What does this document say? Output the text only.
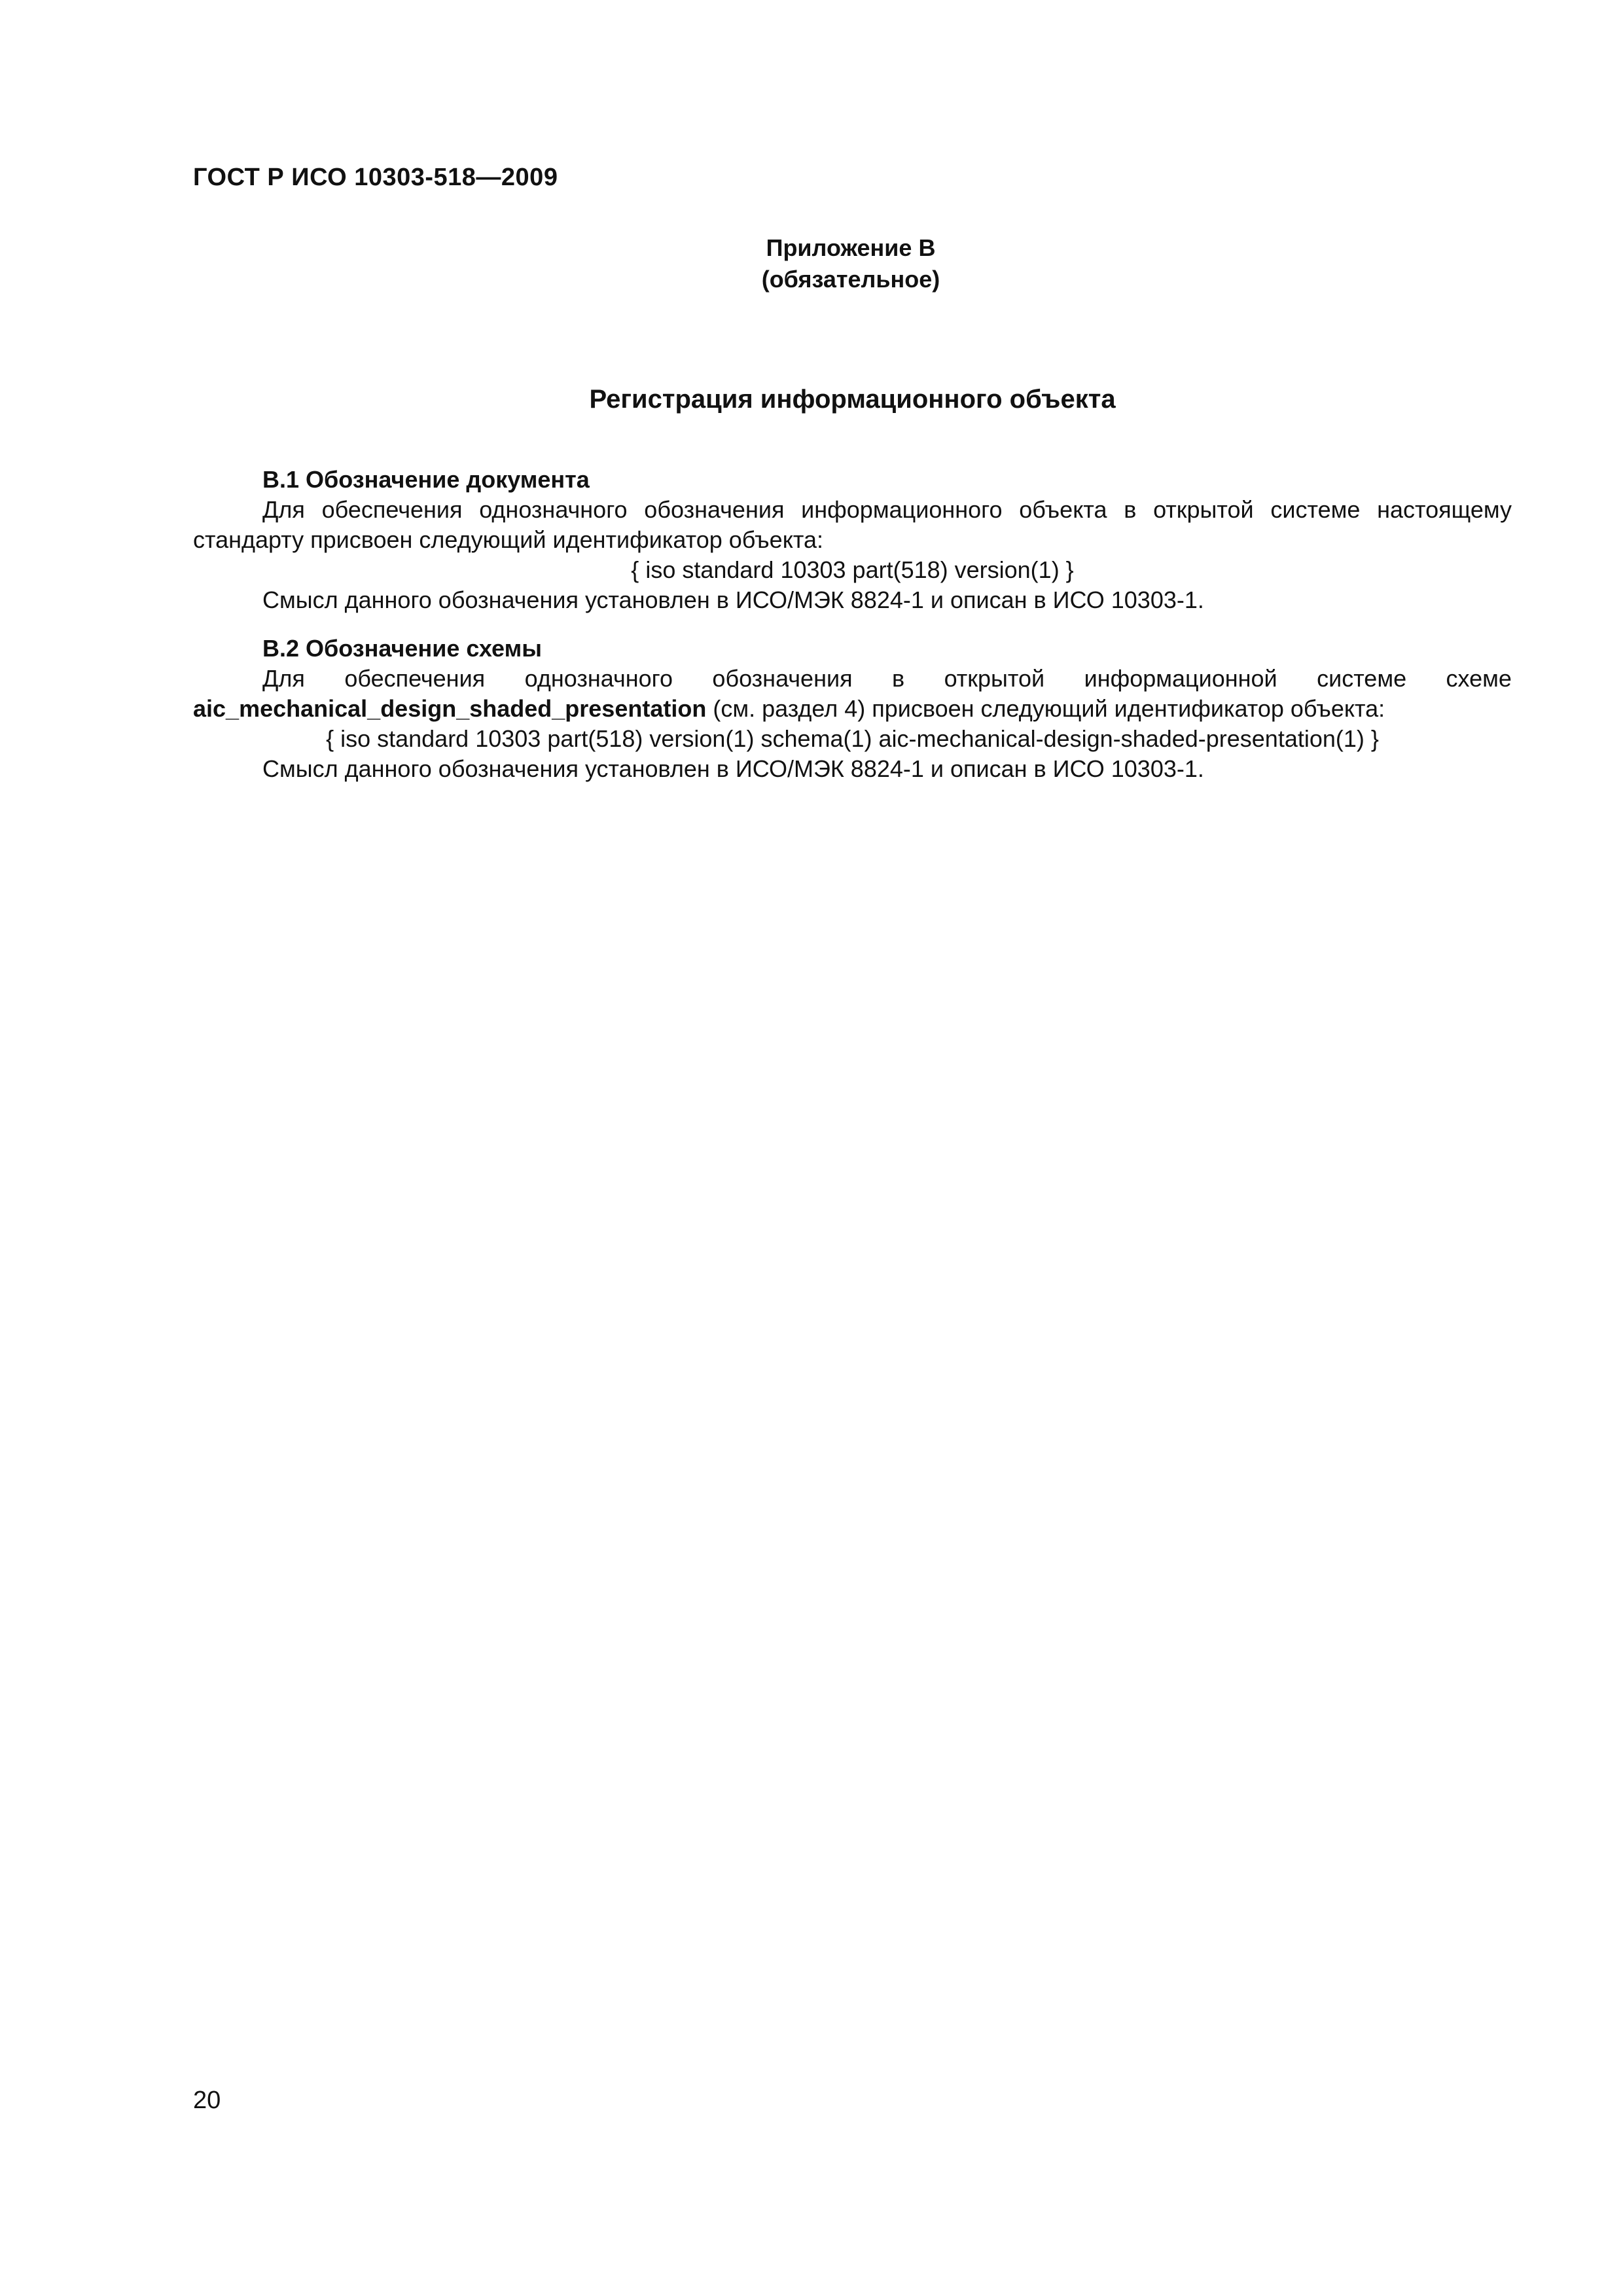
ГОСТ Р ИСО 10303-518—2009
Приложение В
(обязательное)
Регистрация информационного объекта
В.1 Обозначение документа
Для обеспечения однозначного обозначения информационного объекта в открытой системе настоящему стандарту присвоен следующий идентификатор объекта:
{ iso standard 10303 part(518) version(1) }
Смысл данного обозначения установлен в ИСО/МЭК 8824-1 и описан в ИСО 10303-1.
В.2 Обозначение схемы
Для обеспечения однозначного обозначения в открытой информационной системе схеме
aic_mechanical_design_shaded_presentation (см. раздел 4) присвоен следующий идентификатор объекта:
{ iso standard 10303 part(518) version(1) schema(1) aic-mechanical-design-shaded-presentation(1) }
Смысл данного обозначения установлен в ИСО/МЭК 8824-1 и описан в ИСО 10303-1.
20
